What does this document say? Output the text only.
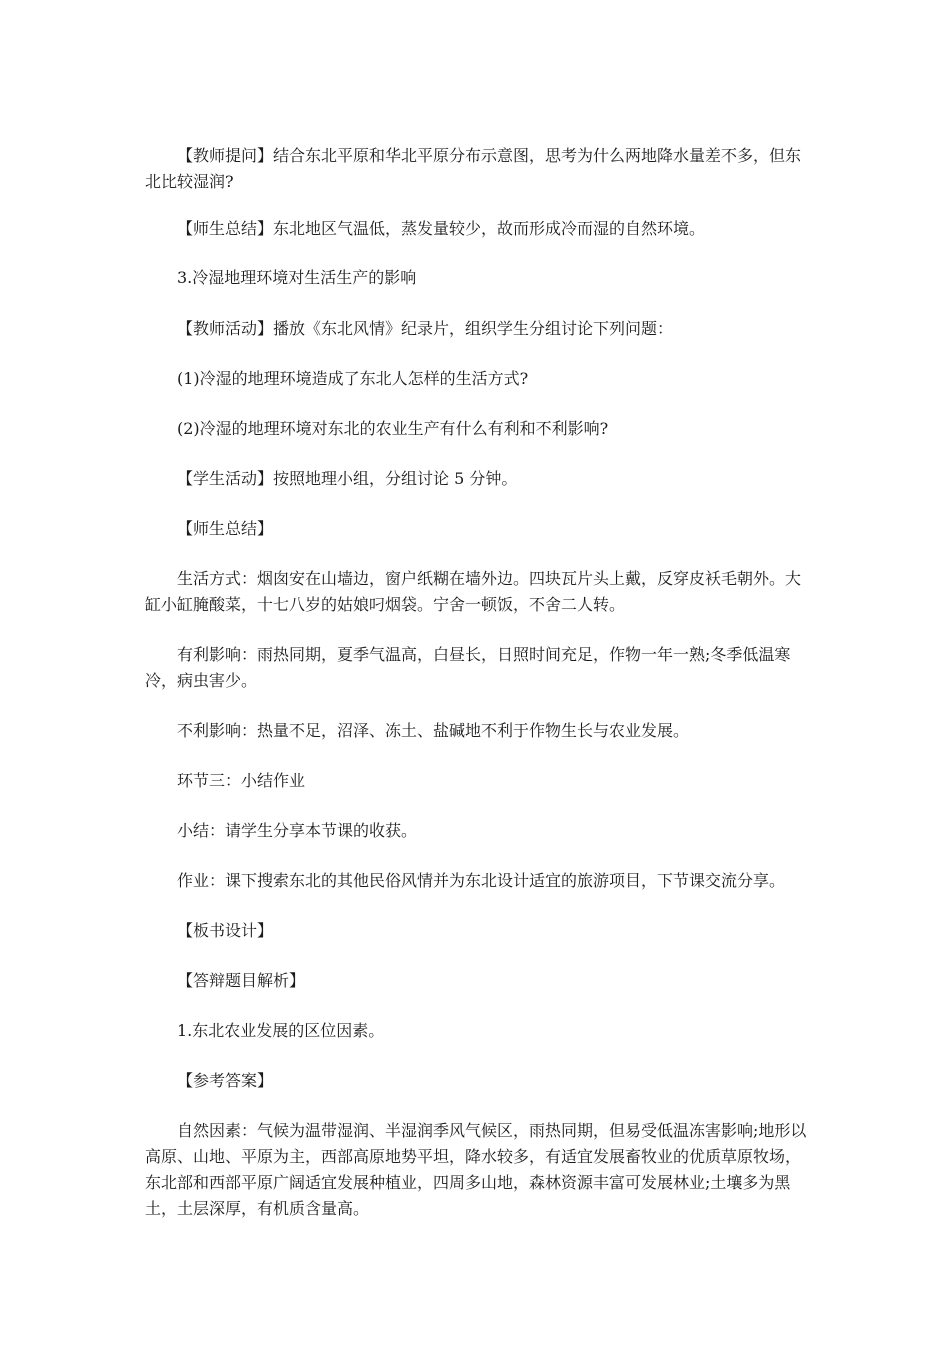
【教师提问】结合东北平原和华北平原分布示意图，思考为什么两地降水量差不多，但东北比较湿润?

【师生总结】东北地区气温低，蒸发量较少，故而形成冷而湿的自然环境。

3.冷湿地理环境对生活生产的影响

【教师活动】播放《东北风情》纪录片，组织学生分组讨论下列问题：

(1)冷湿的地理环境造成了东北人怎样的生活方式?

(2)冷湿的地理环境对东北的农业生产有什么有利和不利影响?

【学生活动】按照地理小组，分组讨论 5 分钟。

【师生总结】

生活方式：烟囱安在山墙边，窗户纸糊在墙外边。四块瓦片头上戴，反穿皮袄毛朝外。大缸小缸腌酸菜，十七八岁的姑娘叼烟袋。宁舍一顿饭，不舍二人转。

有利影响：雨热同期，夏季气温高，白昼长，日照时间充足，作物一年一熟;冬季低温寒冷，病虫害少。

不利影响：热量不足，沼泽、冻土、盐碱地不利于作物生长与农业发展。

环节三：小结作业

小结：请学生分享本节课的收获。

作业：课下搜索东北的其他民俗风情并为东北设计适宜的旅游项目，下节课交流分享。

【板书设计】

【答辩题目解析】

1.东北农业发展的区位因素。

【参考答案】

自然因素：气候为温带湿润、半湿润季风气候区，雨热同期，但易受低温冻害影响;地形以高原、山地、平原为主，西部高原地势平坦，降水较多，有适宜发展畜牧业的优质草原牧场，东北部和西部平原广阔适宜发展种植业，四周多山地，森林资源丰富可发展林业;土壤多为黑土，土层深厚，有机质含量高。
